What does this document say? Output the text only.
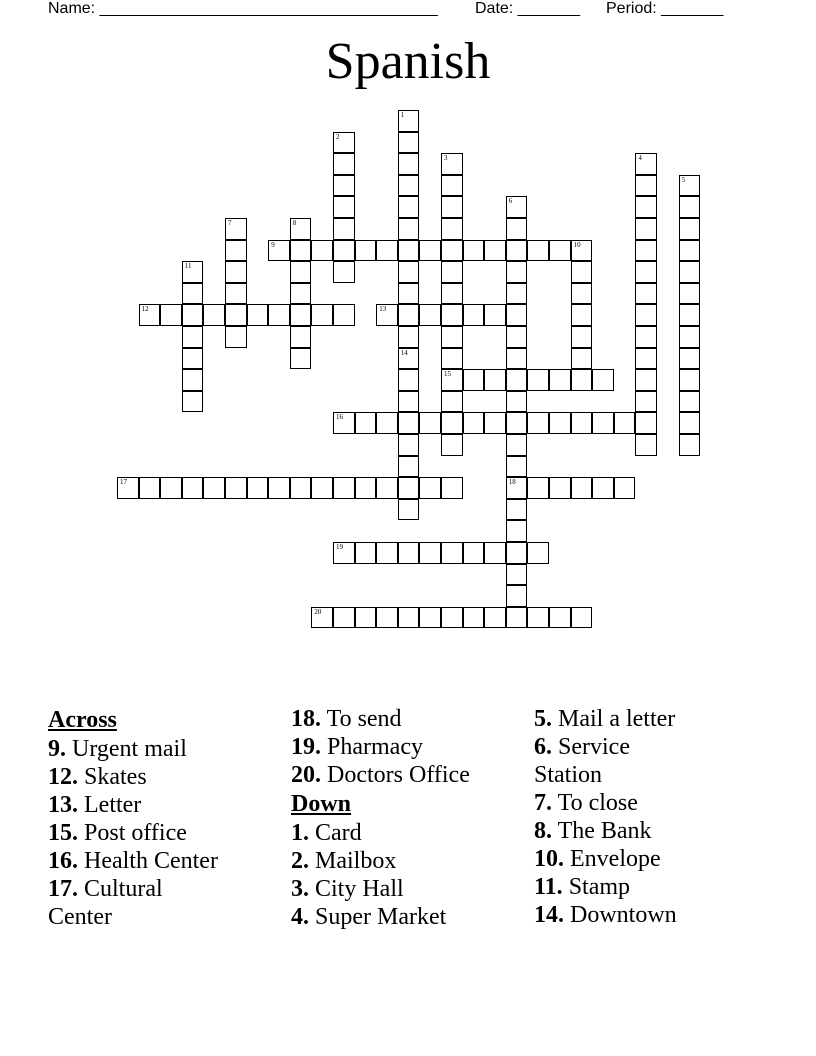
Name: ______________________________________ Date: _______ Period: _______
Spanish
9	10
12	13
15
16
17	18
19
20
1
14
2
3	4
5
6
7	8
11
Across
9. Urgent mail
12. Skates
13. Letter
15. Post office
16. Health Center
17. Cultural Center
18. To send
19. Pharmacy
20. Doctors Office
Down
1. Card
2. Mailbox
3. City Hall
4. Super Market
5. Mail a letter
6. Service Station
7. To close
8. The Bank
10. Envelope
11. Stamp
14. Downtown
